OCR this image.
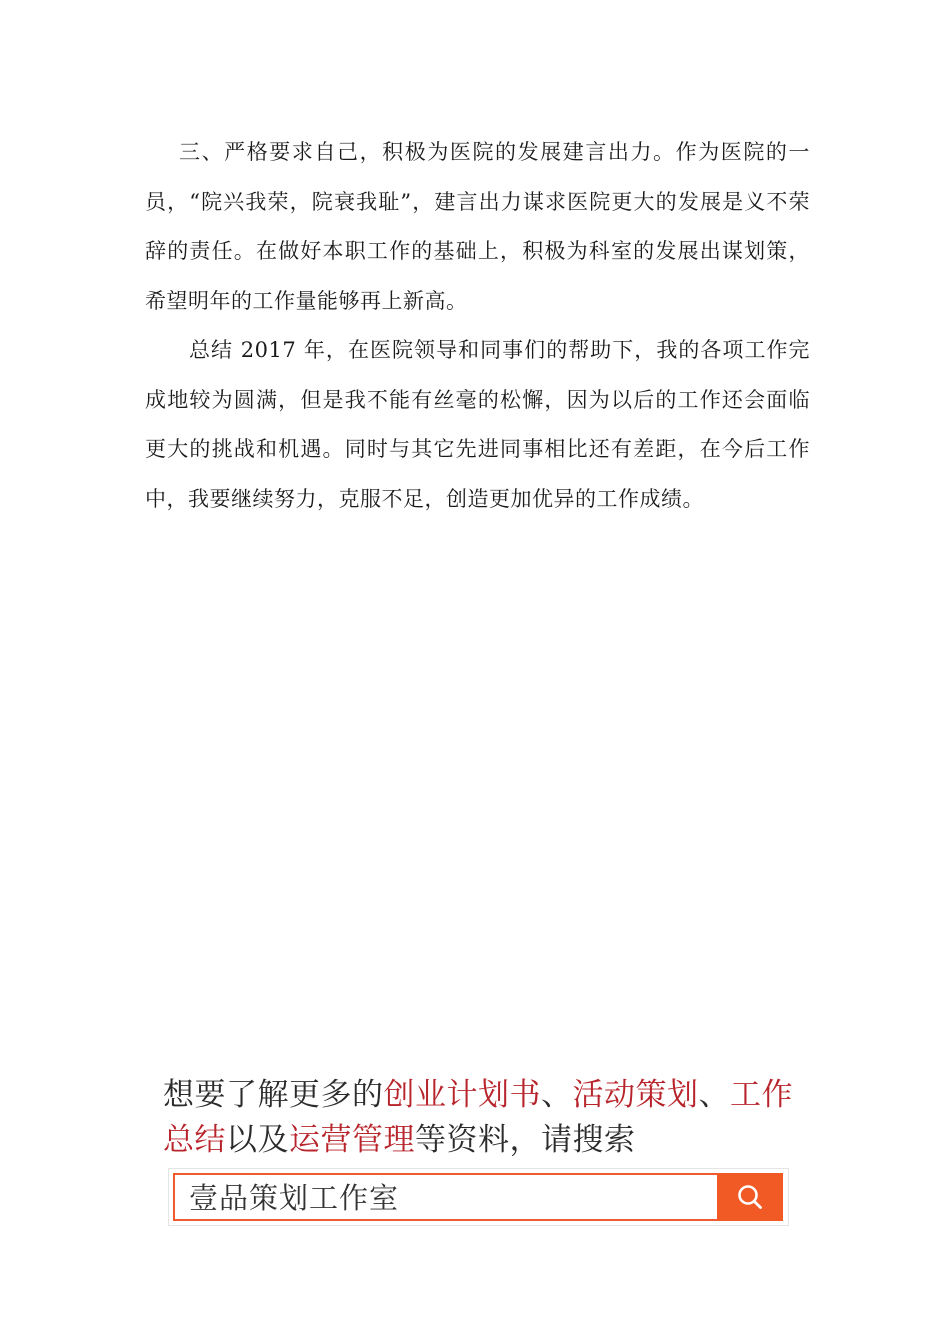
三、严格要求自己，积极为医院的发展建言出力。作为医院的一员，“院兴我荣，院衰我耻”，建言出力谋求医院更大的发展是义不荣辞的责任。在做好本职工作的基础上，积极为科室的发展出谋划策，希望明年的工作量能够再上新高。

总结 2017 年，在医院领导和同事们的帮助下，我的各项工作完成地较为圆满，但是我不能有丝毫的松懈，因为以后的工作还会面临更大的挑战和机遇。同时与其它先进同事相比还有差距，在今后工作中，我要继续努力，克服不足，创造更加优异的工作成绩。

想要了解更多的创业计划书、活动策划、工作总结以及运营管理等资料，请搜索
壹品策划工作室
